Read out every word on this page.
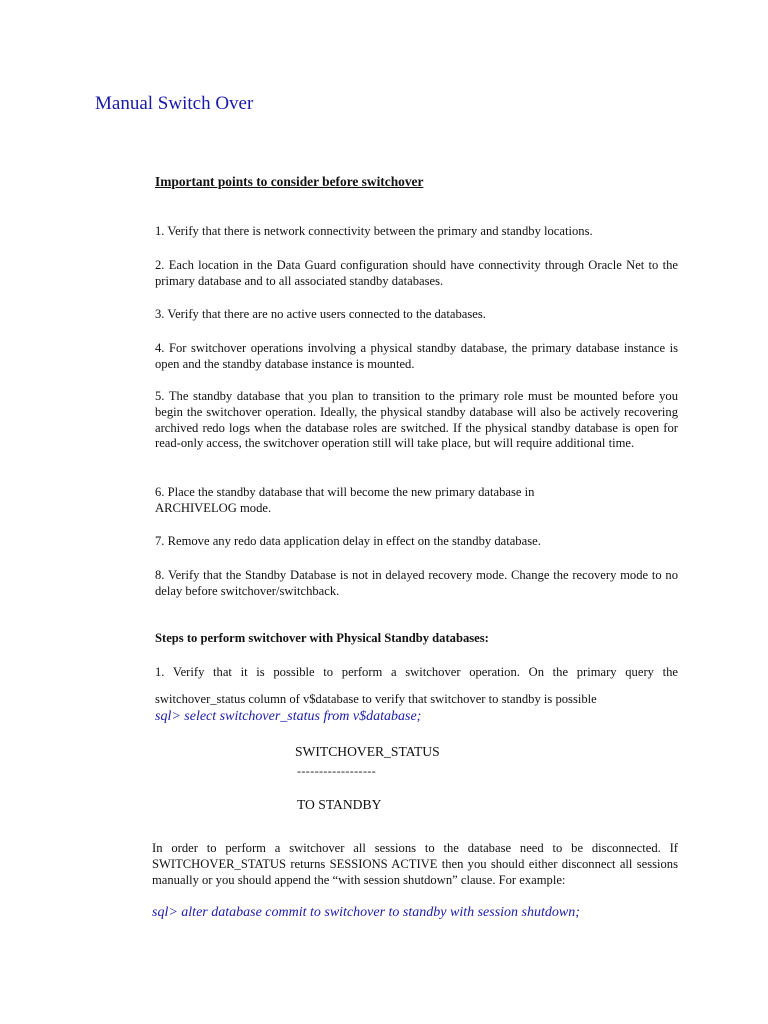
Manual Switch Over

Important points to consider before switchover

1. Verify that there is network connectivity between the primary and standby locations.

2. Each location in the Data Guard configuration should have connectivity through Oracle Net to the primary database and to all associated standby databases.

3. Verify that there are no active users connected to the databases.

4. For switchover operations involving a physical standby database, the primary database instance is open and the standby database instance is mounted.

5. The standby database that you plan to transition to the primary role must be mounted before you begin the switchover operation. Ideally, the physical standby database will also be actively recovering archived redo logs when the database roles are switched. If the physical standby database is open for read-only access, the switchover operation still will take place, but will require additional time.

6. Place the standby database that will become the new primary database in ARCHIVELOG mode.

7. Remove any redo data application delay in effect on the standby database.

8. Verify that the Standby Database is not in delayed recovery mode. Change the recovery mode to no delay before switchover/switchback.

Steps to perform switchover with Physical Standby databases:

1. Verify that it is possible to perform a switchover operation. On the primary query the

switchover_status column of v$database to verify that switchover to standby is possible

sql> select switchover_status from v$database;

SWITCHOVER_STATUS

------------------

TO STANDBY

In order to perform a switchover all sessions to the database need to be disconnected. If SWITCHOVER_STATUS returns SESSIONS ACTIVE then you should either disconnect all sessions manually or you should append the “with session shutdown” clause. For example:

sql> alter database commit to switchover to standby with session shutdown;
